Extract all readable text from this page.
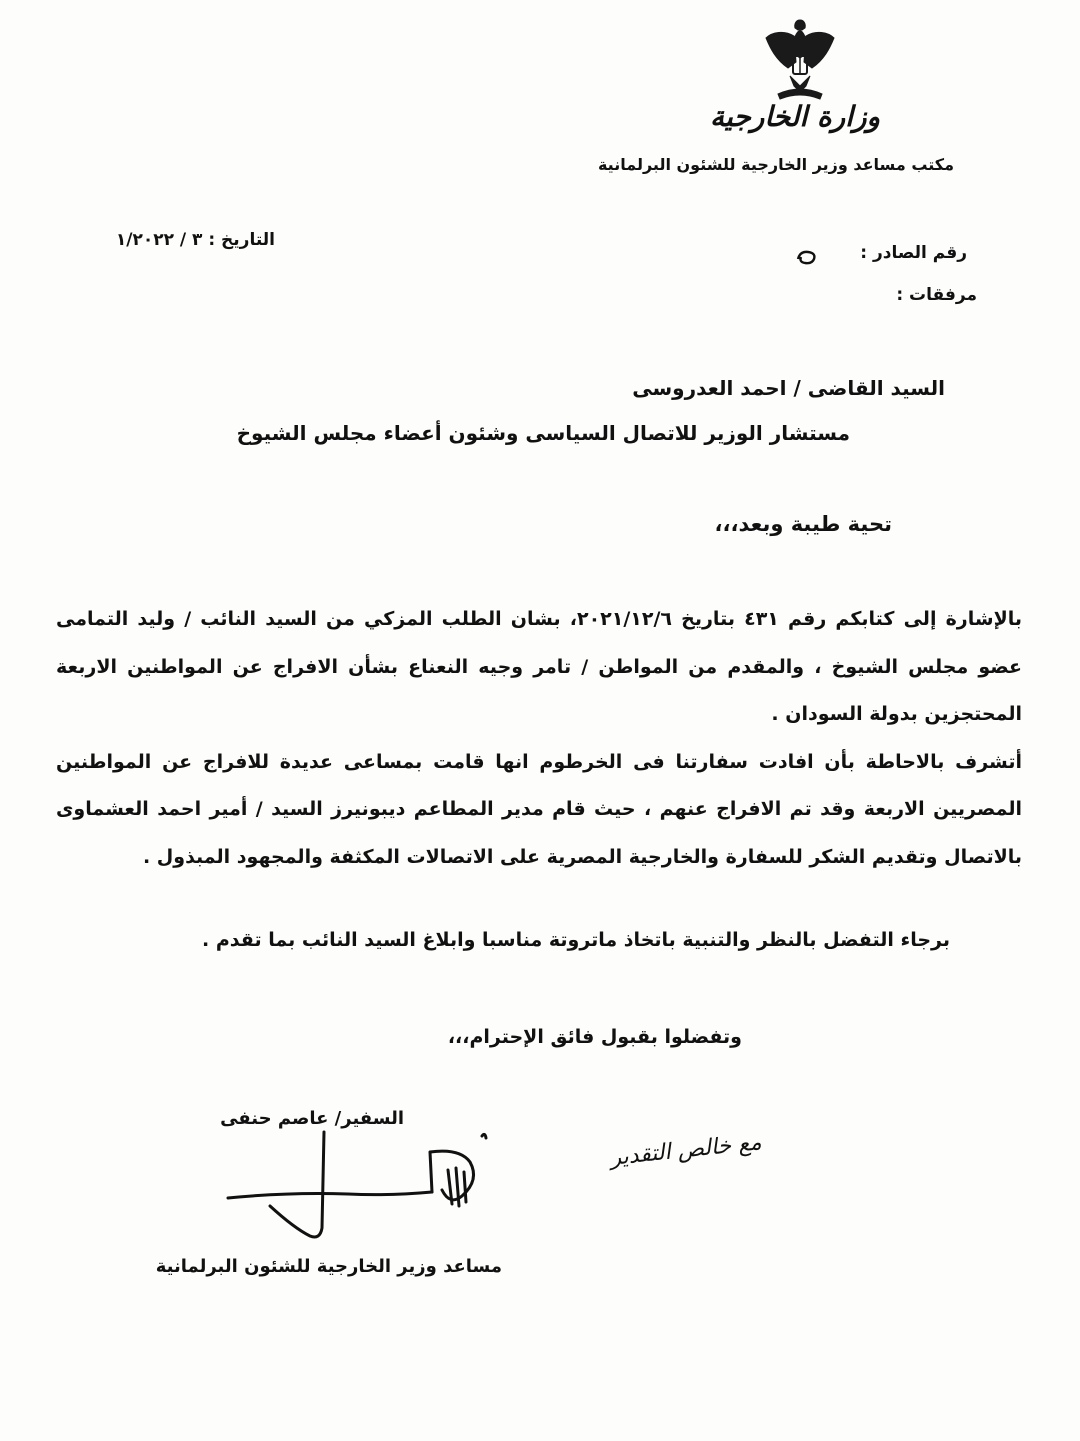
وزارة الخارجية
مكتب مساعد وزير الخارجية للشئون البرلمانية
التاريخ : ٣ / ١/٢٠٢٢
رقم الصادر :
مرفقات :
السيد القاضى / احمد العدروسى
مستشار الوزير للاتصال السياسى وشئون أعضاء مجلس الشيوخ
تحية طيبة وبعد،،،

بالإشارة إلى كتابكم رقم ٤٣١ بتاريخ ٢٠٢١/١٢/٦، بشان الطلب المزكي من السيد النائب / وليد التمامى عضو مجلس الشيوخ ، والمقدم من المواطن / تامر وجيه النعناع بشأن الافراج عن المواطنين الاربعة المحتجزين بدولة السودان .

أتشرف بالاحاطة بأن افادت سفارتنا فى الخرطوم انها قامت بمساعى عديدة للافراج عن المواطنين المصريين الاربعة وقد تم الافراج عنهم ، حيث قام مدير المطاعم ديبونيرز السيد / أمير احمد العشماوى بالاتصال وتقديم الشكر للسفارة والخارجية المصرية على الاتصالات المكثفة والمجهود المبذول .

برجاء التفضل بالنظر والتنبية باتخاذ ماتروتة مناسبا وابلاغ السيد النائب بما تقدم .
وتفضلوا بقبول فائق الإحترام،،،
السفير/ عاصم حنفى
مع خالص التقدير
مساعد وزير الخارجية للشئون البرلمانية
